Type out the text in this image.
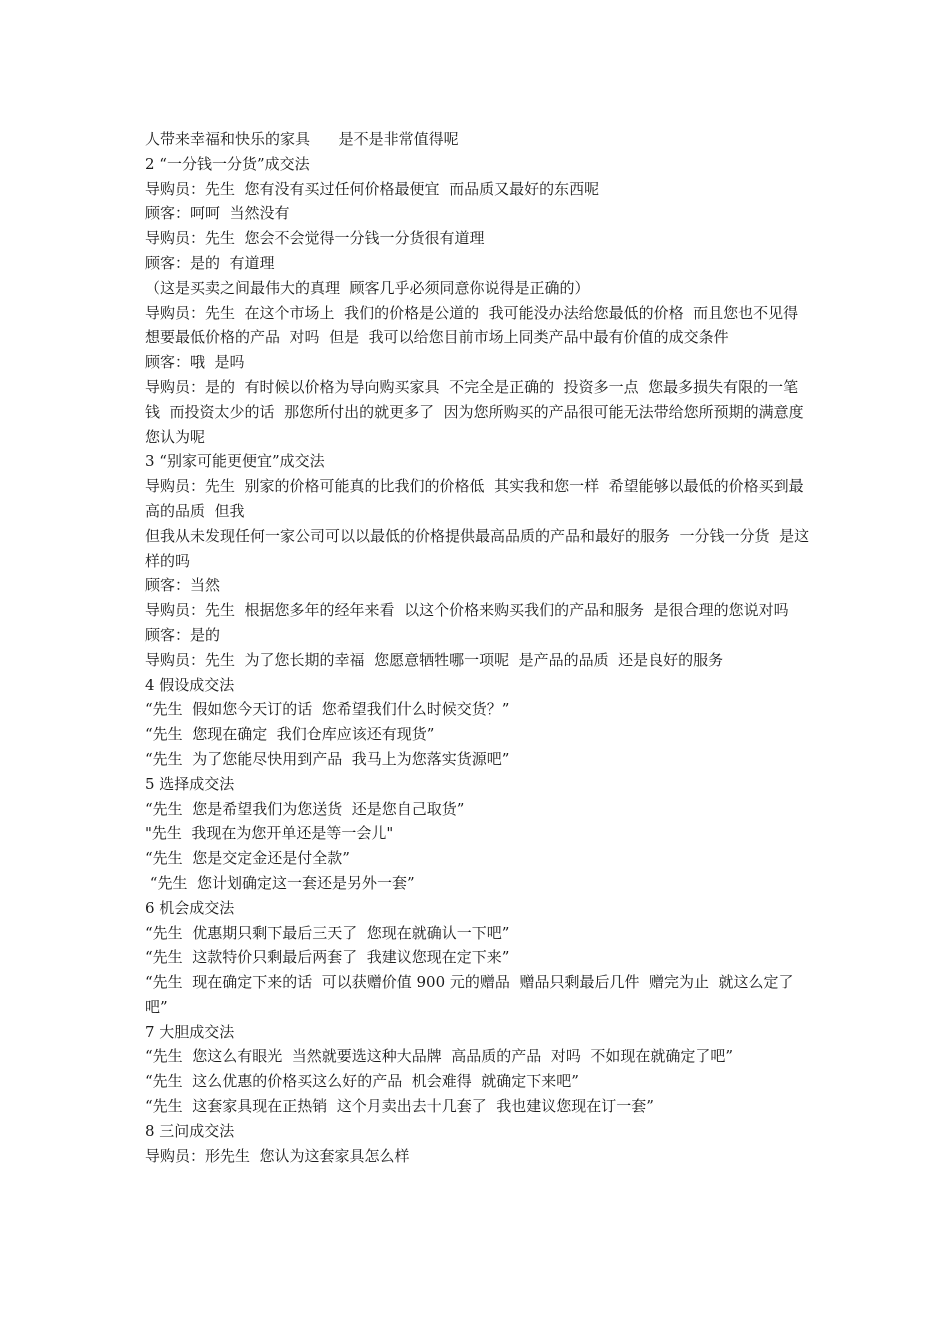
人带来幸福和快乐的家具      是不是非常值得呢

2 “一分钱一分货”成交法

导购员：先生  您有没有买过任何价格最便宜  而品质又最好的东西呢

顾客：呵呵  当然没有

导购员：先生  您会不会觉得一分钱一分货很有道理

顾客：是的  有道理

（这是买卖之间最伟大的真理  顾客几乎必须同意你说得是正确的）

导购员：先生  在这个市场上  我们的价格是公道的  我可能没办法给您最低的价格  而且您也不见得想要最低价格的产品  对吗  但是  我可以给您目前市场上同类产品中最有价值的成交条件

顾客：哦  是吗

导购员：是的  有时候以价格为导向购买家具  不完全是正确的  投资多一点  您最多损失有限的一笔钱  而投资太少的话  那您所付出的就更多了  因为您所购买的产品很可能无法带给您所预期的满意度  您认为呢

3 “别家可能更便宜”成交法

导购员：先生  别家的价格可能真的比我们的价格低  其实我和您一样  希望能够以最低的价格买到最高的品质  但我

但我从未发现任何一家公司可以以最低的价格提供最高品质的产品和最好的服务  一分钱一分货  是这样的吗

顾客：当然

导购员：先生  根据您多年的经年来看  以这个价格来购买我们的产品和服务  是很合理的您说对吗

顾客：是的

导购员：先生  为了您长期的幸福  您愿意牺牲哪一项呢  是产品的品质  还是良好的服务

4 假设成交法

“先生  假如您今天订的话  您希望我们什么时候交货？”

“先生  您现在确定  我们仓库应该还有现货”

“先生  为了您能尽快用到产品  我马上为您落实货源吧”

5 选择成交法

“先生  您是希望我们为您送货  还是您自己取货”

"先生  我现在为您开单还是等一会儿"

“先生  您是交定金还是付全款”

“先生  您计划确定这一套还是另外一套”

6 机会成交法

“先生  优惠期只剩下最后三天了  您现在就确认一下吧”

“先生  这款特价只剩最后两套了  我建议您现在定下来”

“先生  现在确定下来的话  可以获赠价值 900 元的赠品  赠品只剩最后几件  赠完为止  就这么定了吧”

7 大胆成交法

“先生  您这么有眼光  当然就要选这种大品牌  高品质的产品  对吗  不如现在就确定了吧”

“先生  这么优惠的价格买这么好的产品  机会难得  就确定下来吧”

“先生  这套家具现在正热销  这个月卖出去十几套了  我也建议您现在订一套”

8 三问成交法

导购员：形先生  您认为这套家具怎么样
